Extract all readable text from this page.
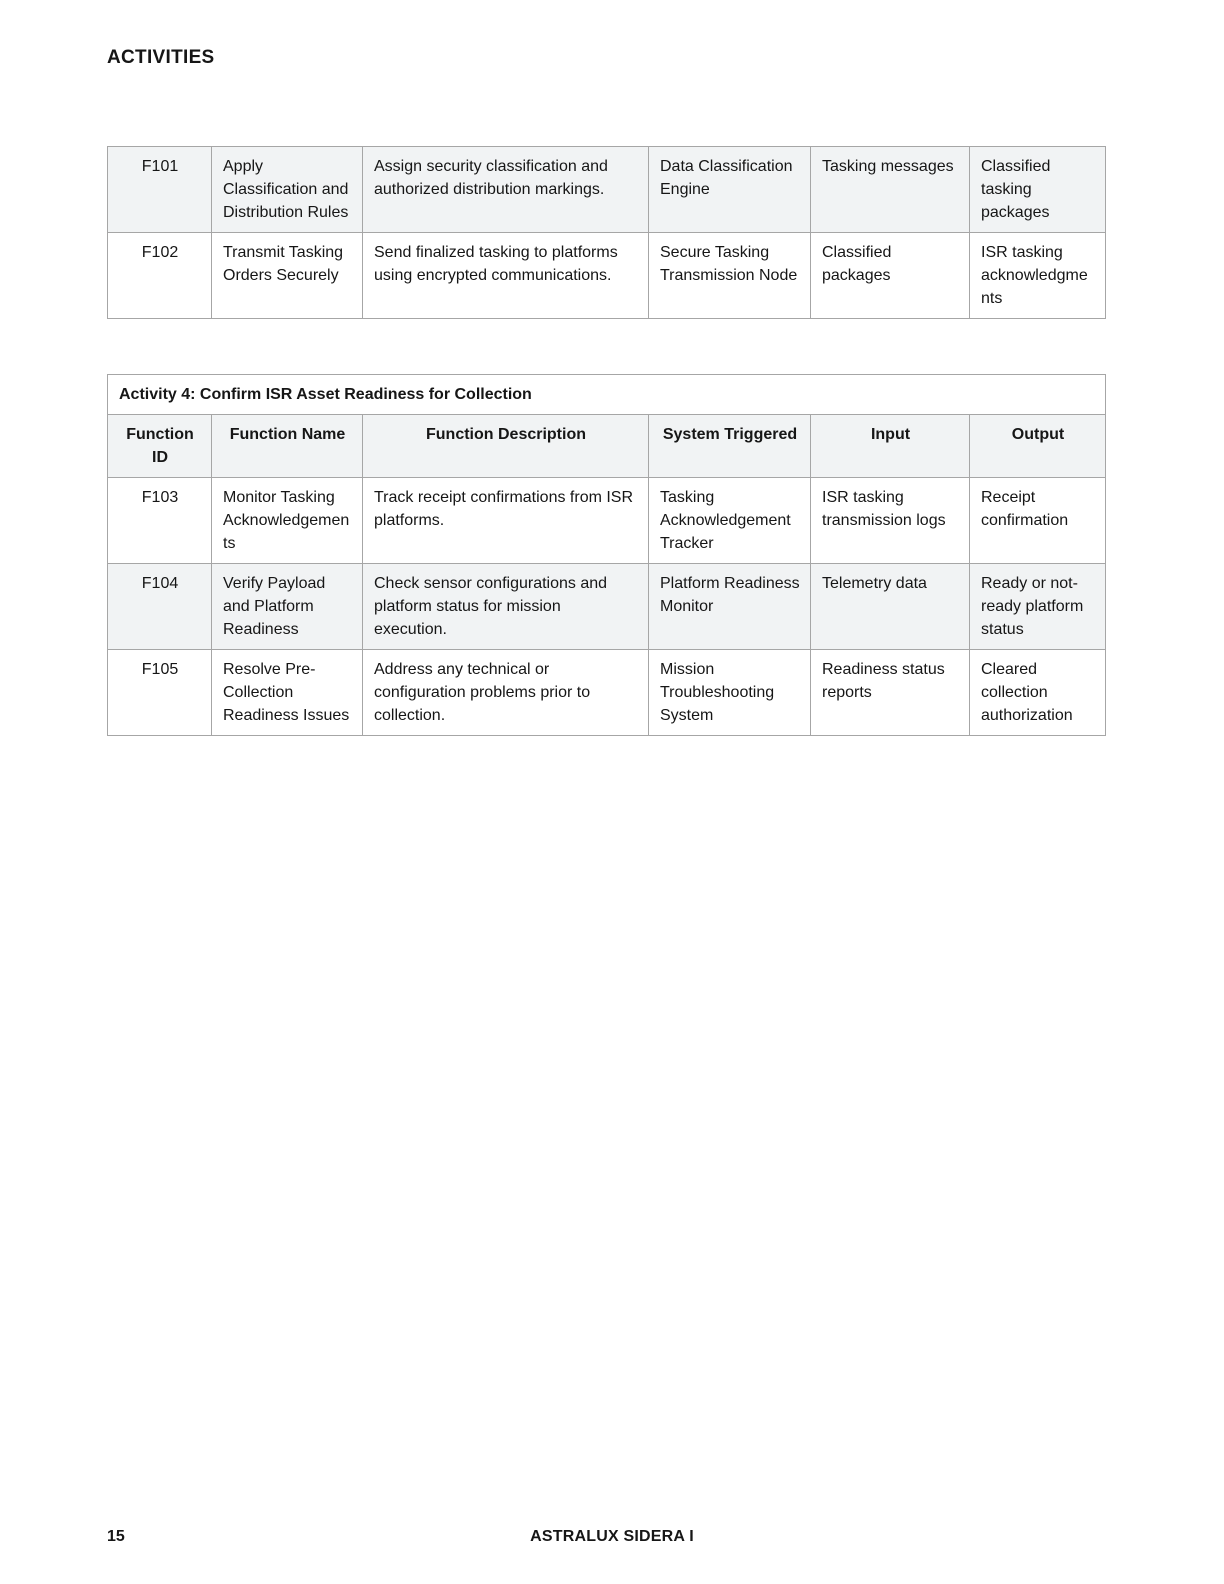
ACTIVITIES
F101	Apply Classification and Distribution Rules	Assign security classification and authorized distribution markings.	Data Classification Engine	Tasking messages	Classified tasking packages
F102	Transmit Tasking Orders Securely	Send finalized tasking to platforms using encrypted communications.	Secure Tasking Transmission Node	Classified packages	ISR tasking acknowledgments
Activity 4: Confirm ISR Asset Readiness for Collection					
Function ID	Function Name	Function Description	System Triggered	Input	Output
F103	Monitor Tasking Acknowledgements	Track receipt confirmations from ISR platforms.	Tasking Acknowledgement Tracker	ISR tasking transmission logs	Receipt confirmation
F104	Verify Payload and Platform Readiness	Check sensor configurations and platform status for mission execution.	Platform Readiness Monitor	Telemetry data	Ready or not-ready platform status
F105	Resolve Pre-Collection Readiness Issues	Address any technical or configuration problems prior to collection.	Mission Troubleshooting System	Readiness status reports	Cleared collection authorization
ASTRALUX SIDERA I
15
